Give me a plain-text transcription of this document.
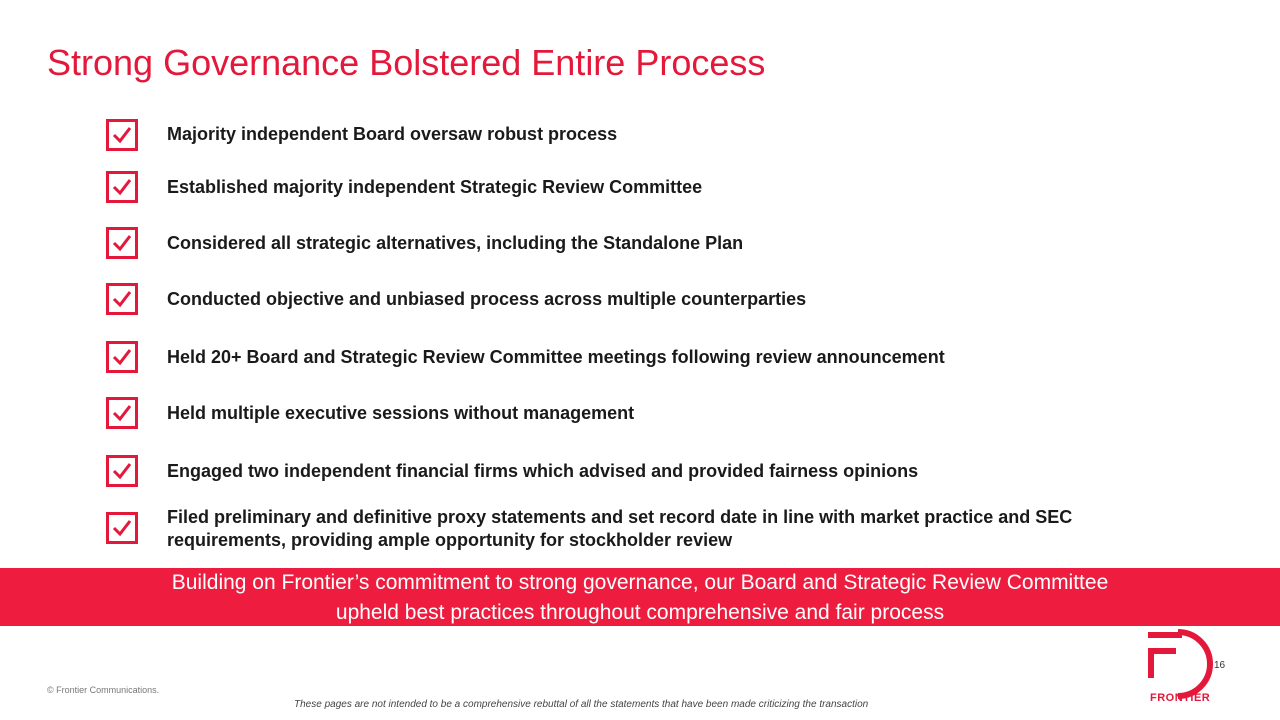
Strong Governance Bolstered Entire Process
Majority independent Board oversaw robust process
Established majority independent Strategic Review Committee
Considered all strategic alternatives, including the Standalone Plan
Conducted objective and unbiased process across multiple counterparties
Held 20+ Board and Strategic Review Committee meetings following review announcement
Held multiple executive sessions without management
Engaged two independent financial firms which advised and provided fairness opinions
Filed preliminary and definitive proxy statements and set record date in line with market practice and SEC requirements, providing ample opportunity for stockholder review
Building on Frontier’s commitment to strong governance, our Board and Strategic Review Committee
upheld best practices throughout comprehensive and fair process
© Frontier Communications.
These pages are not intended to be a comprehensive rebuttal of all the statements that have been made criticizing the transaction
16
FRONTIER
